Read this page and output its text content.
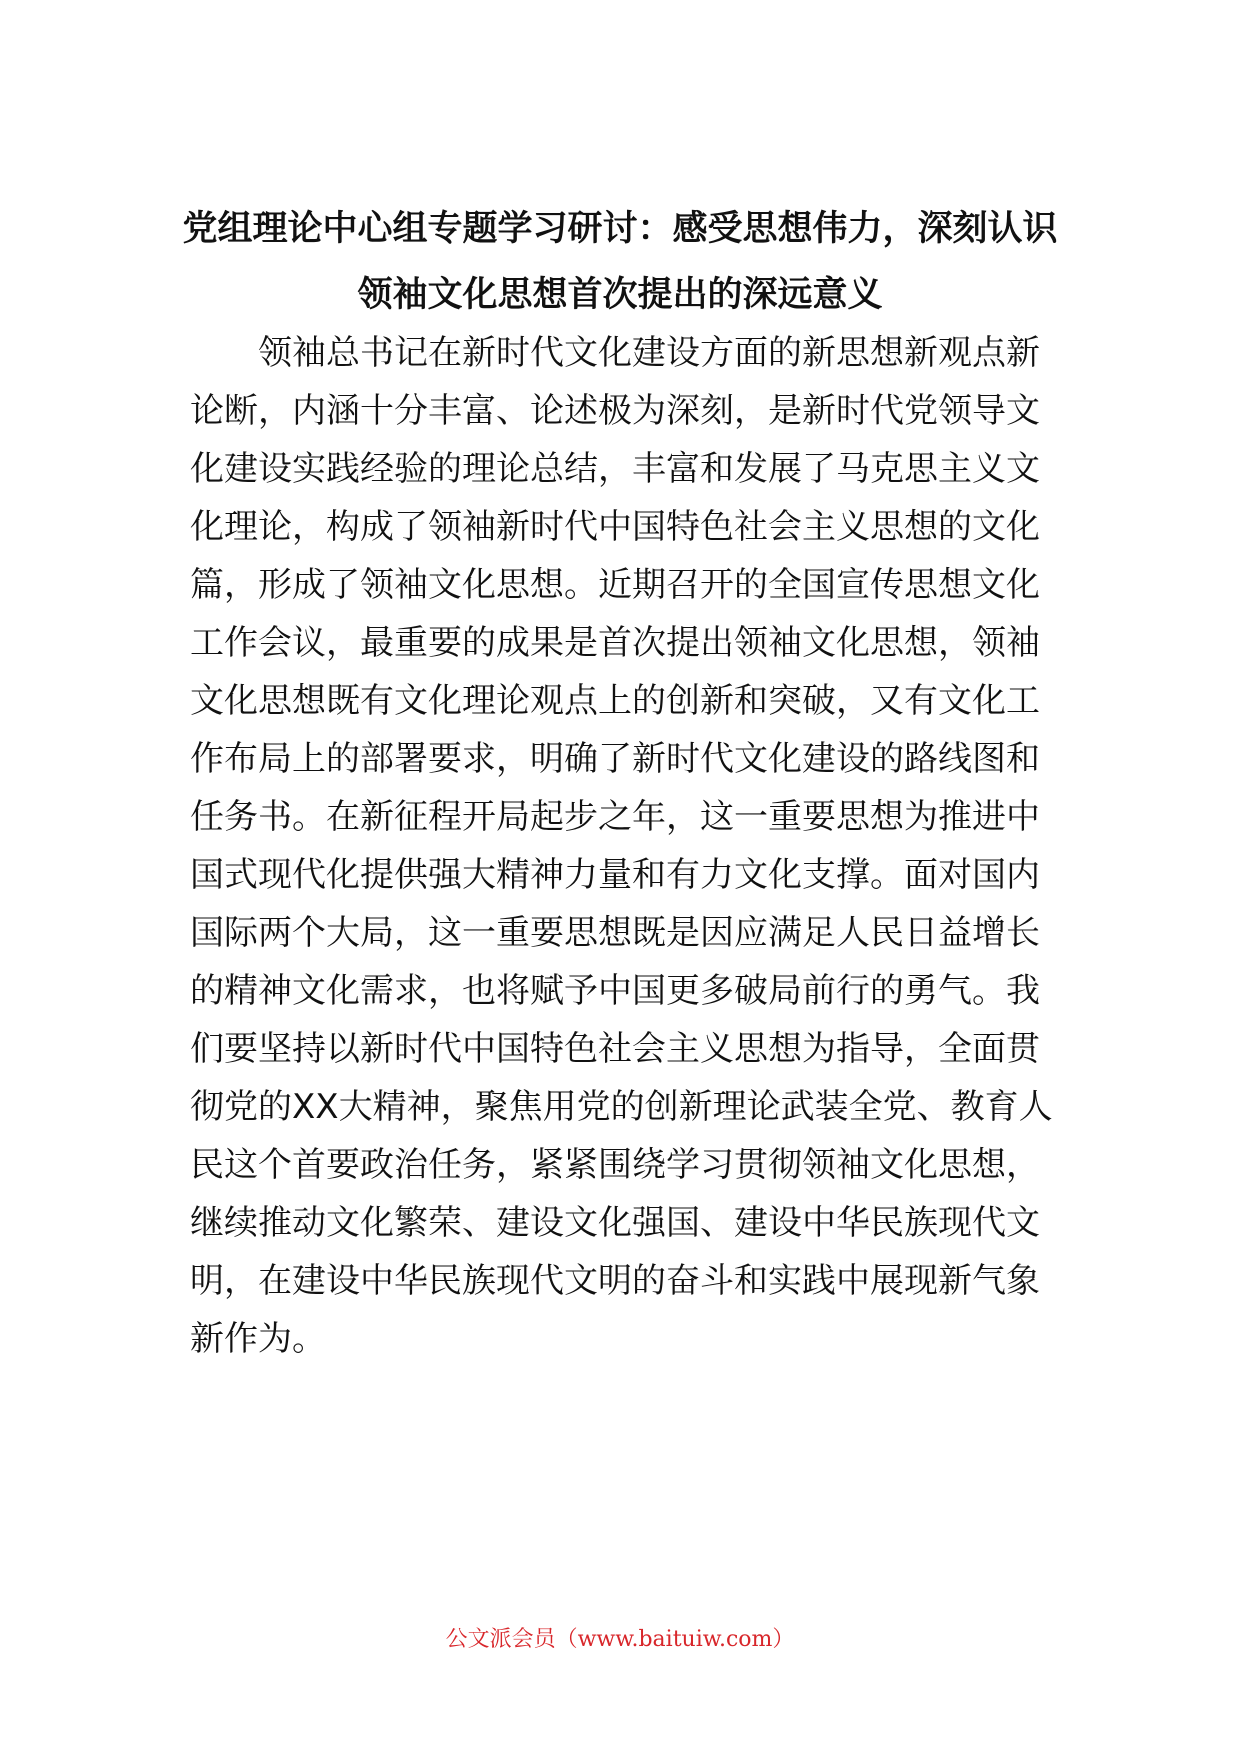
党组理论中心组专题学习研讨：感受思想伟力，深刻认识
领袖文化思想首次提出的深远意义
　　领袖总书记在新时代文化建设方面的新思想新观点新
论断，内涵十分丰富、论述极为深刻，是新时代党领导文
化建设实践经验的理论总结，丰富和发展了马克思主义文
化理论，构成了领袖新时代中国特色社会主义思想的文化
篇，形成了领袖文化思想。近期召开的全国宣传思想文化
工作会议，最重要的成果是首次提出领袖文化思想，领袖
文化思想既有文化理论观点上的创新和突破，又有文化工
作布局上的部署要求，明确了新时代文化建设的路线图和
任务书。在新征程开局起步之年，这一重要思想为推进中
国式现代化提供强大精神力量和有力文化支撑。面对国内
国际两个大局，这一重要思想既是因应满足人民日益增长
的精神文化需求，也将赋予中国更多破局前行的勇气。我
们要坚持以新时代中国特色社会主义思想为指导，全面贯
彻党的XX大精神，聚焦用党的创新理论武装全党、教育人
民这个首要政治任务，紧紧围绕学习贯彻领袖文化思想，
继续推动文化繁荣、建设文化强国、建设中华民族现代文
明，在建设中华民族现代文明的奋斗和实践中展现新气象
新作为。
公文派会员（www.baituiw.com）
